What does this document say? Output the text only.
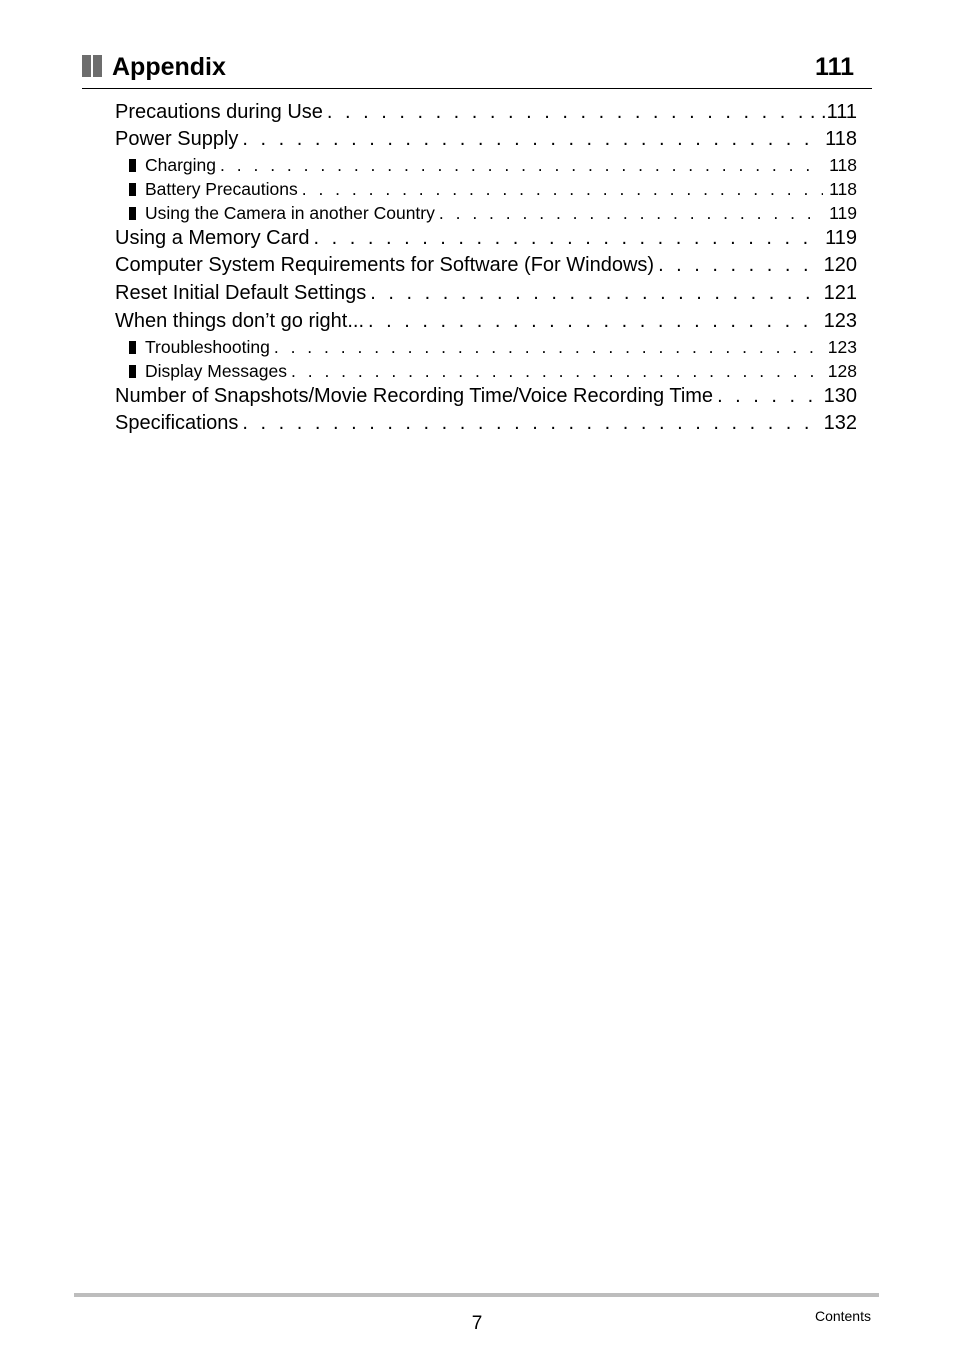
Appendix	111
Precautions during Use . . .	. .111
Power Supply . . .	118
Charging . . .	118
Battery Precautions . . .	118
Using the Camera in another Country . . .	119
Using a Memory Card . . .	119
Computer System Requirements for Software (For Windows) . . .	120
Reset Initial Default Settings . . .	121
When things don’t go right... . . .	123
Troubleshooting . . .	123
Display Messages . . .	128
Number of Snapshots/Movie Recording Time/Voice Recording Time . . .	130
Specifications . . .	132
7	Contents
